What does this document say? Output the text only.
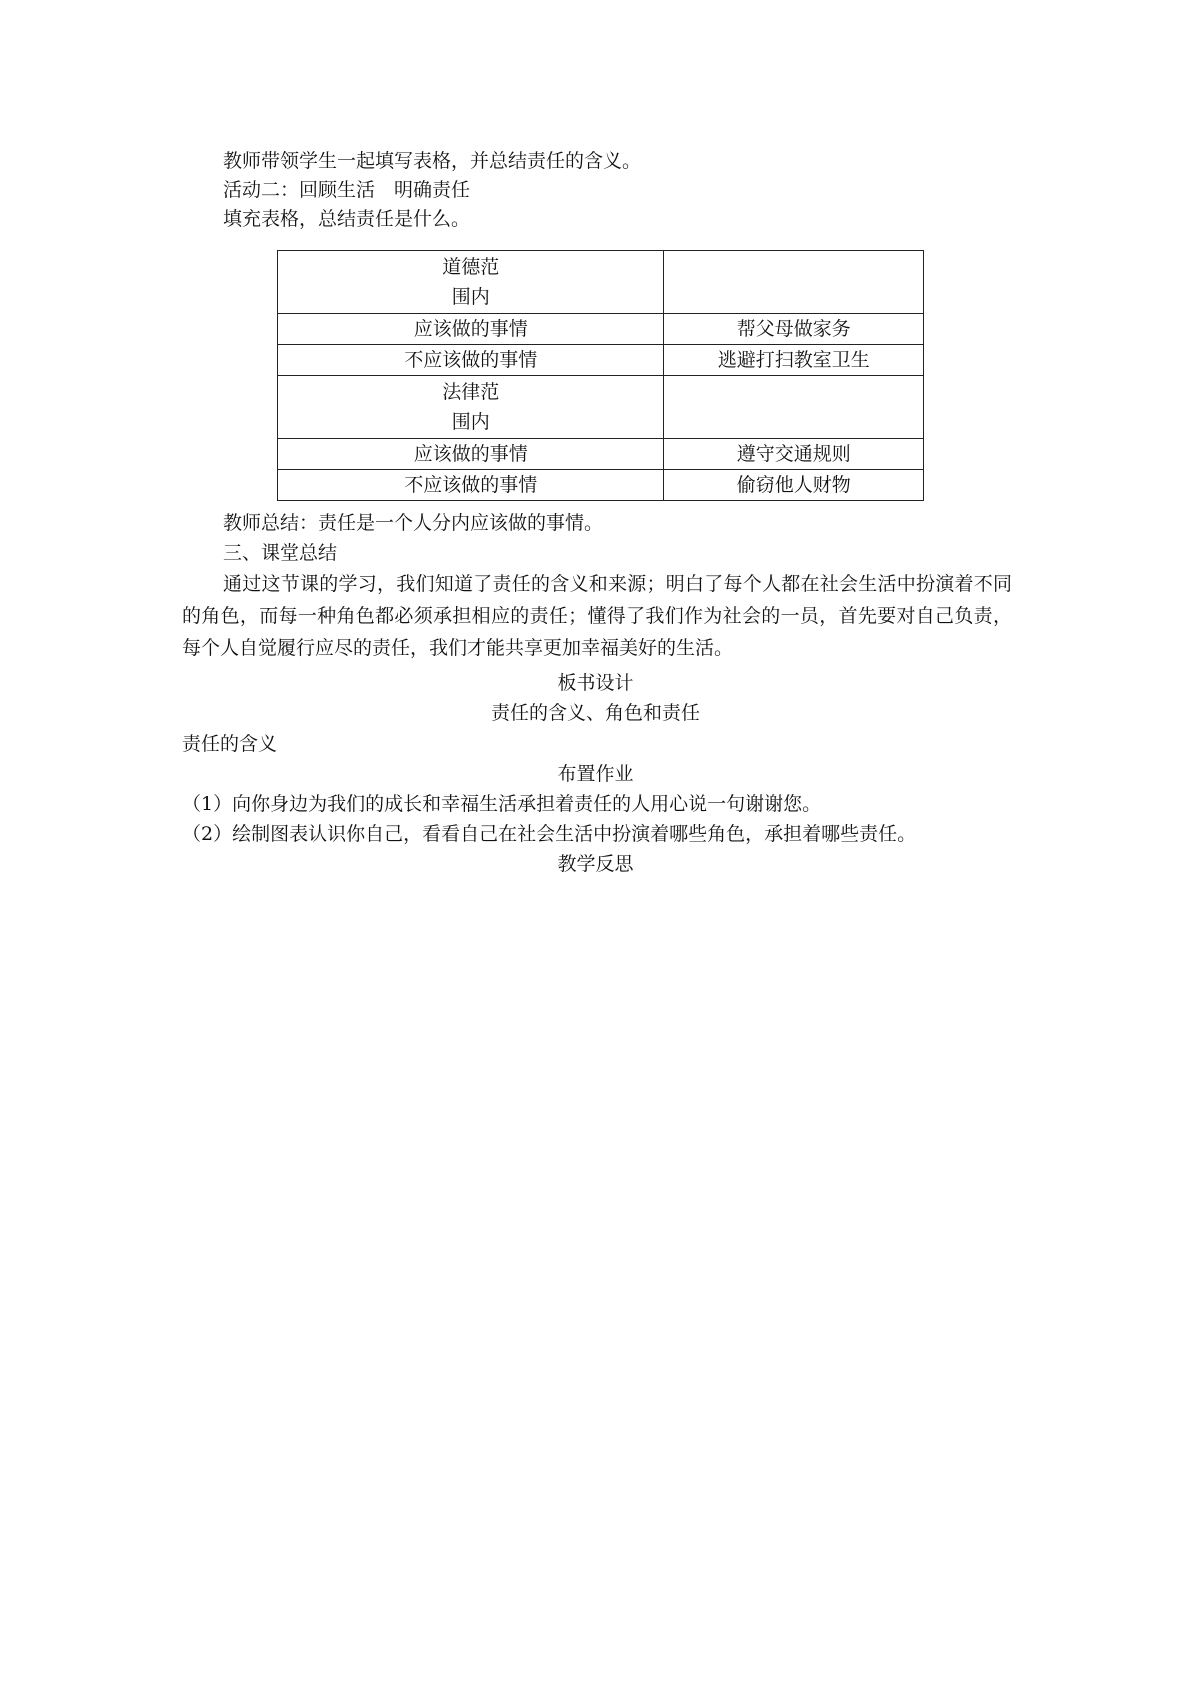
教师带领学生一起填写表格，并总结责任的含义。
活动二：回顾生活　明确责任
填充表格，总结责任是什么。
道德范
围内	
应该做的事情	帮父母做家务
不应该做的事情	逃避打扫教室卫生
法律范
围内	
应该做的事情	遵守交通规则
不应该做的事情	偷窃他人财物
教师总结：责任是一个人分内应该做的事情。
三、课堂总结
通过这节课的学习，我们知道了责任的含义和来源；明白了每个人都在社会生活中扮演着不同的角色，而每一种角色都必须承担相应的责任；懂得了我们作为社会的一员，首先要对自己负责，每个人自觉履行应尽的责任，我们才能共享更加幸福美好的生活。
板书设计
责任的含义、角色和责任
责任的含义
布置作业
（1）向你身边为我们的成长和幸福生活承担着责任的人用心说一句谢谢您。
（2）绘制图表认识你自己，看看自己在社会生活中扮演着哪些角色，承担着哪些责任。
教学反思
